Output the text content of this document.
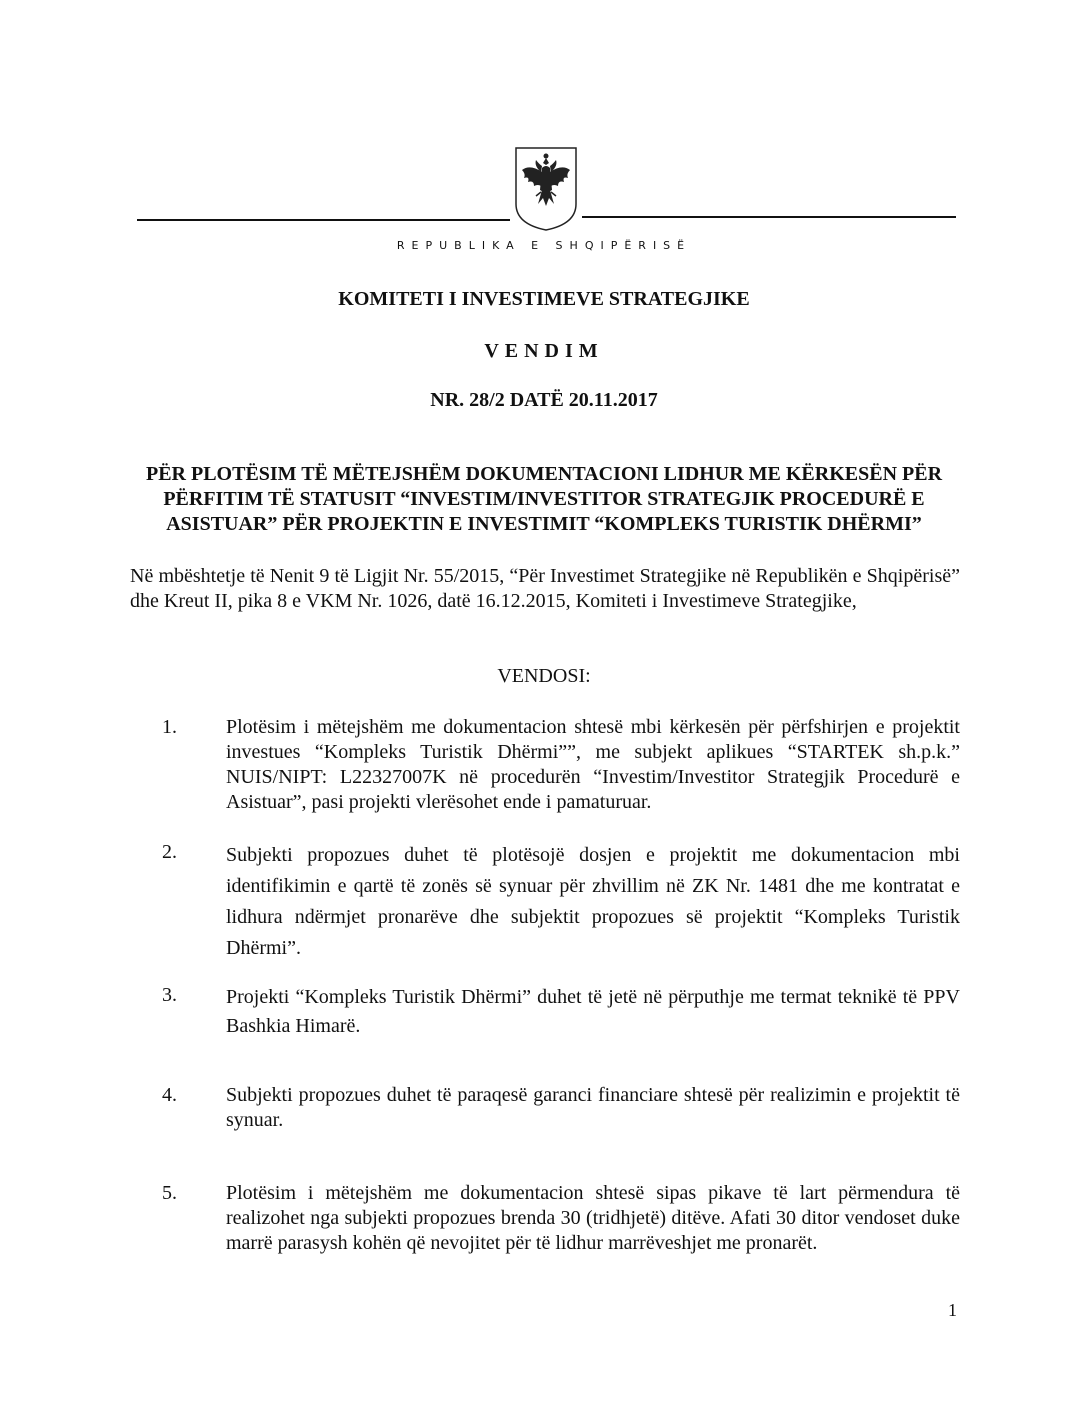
REPUBLIKA E SHQIPËRISË
KOMITETI I INVESTIMEVE STRATEGJIKE
VENDIM
NR. 28/2 DATË 20.11.2017
PËR PLOTËSIM TË MËTEJSHËM DOKUMENTACIONI LIDHUR ME KËRKESËN PËR PËRFITIM TË STATUSIT “INVESTIM/INVESTITOR STRATEGJIK PROCEDURË E ASISTUAR” PËR PROJEKTIN E INVESTIMIT “KOMPLEKS TURISTIK DHËRMI”
Në mbështetje të Nenit 9 të Ligjit Nr. 55/2015, “Për Investimet Strategjike në Republikën e Shqipërisë” dhe Kreut II, pika 8 e VKM Nr. 1026, datë 16.12.2015, Komiteti i Investimeve Strategjike,
VENDOSI:
1.	Plotësim i mëtejshëm me dokumentacion shtesë mbi kërkesën për përfshirjen e projektit investues “Kompleks Turistik Dhërmi””, me subjekt aplikues “STARTEK sh.p.k.” NUIS/NIPT: L22327007K në procedurën “Investim/Investitor Strategjik Procedurë e Asistuar”, pasi projekti vlerësohet ende i pamaturuar.
2.	Subjekti propozues duhet të plotësojë dosjen e projektit me dokumentacion mbi identifikimin e qartë të zonës së synuar për zhvillim në ZK Nr. 1481 dhe me kontratat e lidhura ndërmjet pronarëve dhe subjektit propozues së projektit “Kompleks Turistik Dhërmi”.
3.	Projekti “Kompleks Turistik Dhërmi” duhet të jetë në përputhje me termat teknikë të PPV Bashkia Himarë.
4.	Subjekti propozues duhet të paraqesë garanci financiare shtesë për realizimin e projektit të synuar.
5.	Plotësim i mëtejshëm me dokumentacion shtesë sipas pikave të lart përmendura të realizohet nga subjekti propozues brenda 30 (tridhjetë) ditëve. Afati 30 ditor vendoset duke marrë parasysh kohën që nevojitet për të lidhur marrëveshjet me pronarët.
1
